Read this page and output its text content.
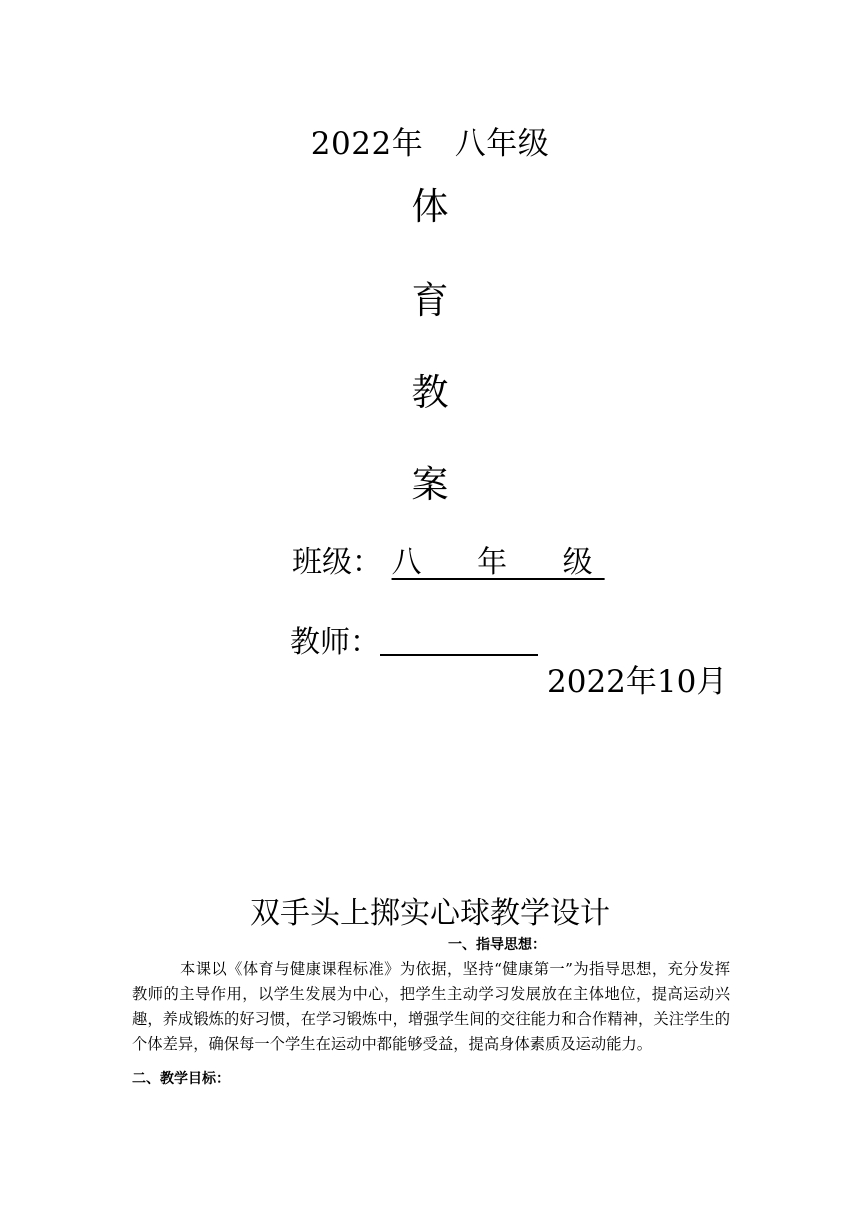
2022年　八年级
体
育
教
案
班级： 八 年 级
教师：
2022年10月
双手头上掷实心球教学设计
一、指导思想：
本课以《体育与健康课程标准》为依据，坚持“健康第一”为指导思想，充分发挥教师的主导作用，以学生发展为中心，把学生主动学习发展放在主体地位，提高运动兴趣，养成锻炼的好习惯，在学习锻炼中，增强学生间的交往能力和合作精神，关注学生的个体差异，确保每一个学生在运动中都能够受益，提高身体素质及运动能力。
二、教学目标：
